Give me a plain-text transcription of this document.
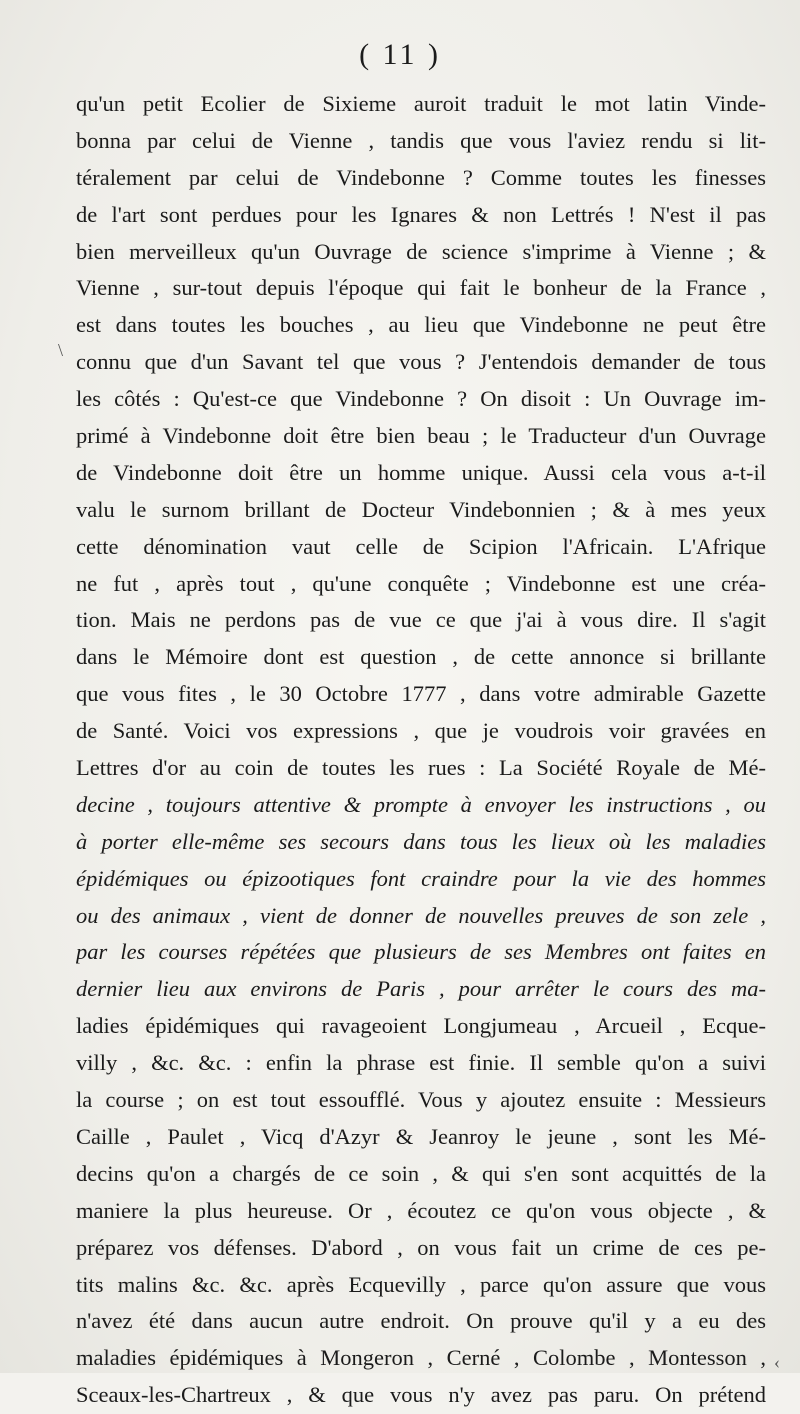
( 11 )
qu'un petit Ecolier de Sixieme auroit traduit le mot latin Vinde-
bonna par celui de Vienne , tandis que vous l'aviez rendu si lit-
téralement par celui de Vindebonne ? Comme toutes les finesses
de l'art sont perdues pour les Ignares & non Lettrés ! N'est il pas
bien merveilleux qu'un Ouvrage de science s'imprime à Vienne ; &
Vienne , sur-tout depuis l'époque qui fait le bonheur de la France ,
est dans toutes les bouches , au lieu que Vindebonne ne peut être
connu que d'un Savant tel que vous ? J'entendois demander de tous
les côtés : Qu'est-ce que Vindebonne ? On disoit : Un Ouvrage im-
primé à Vindebonne doit être bien beau ; le Traducteur d'un Ouvrage
de Vindebonne doit être un homme unique. Aussi cela vous a-t-il
valu le surnom brillant de Docteur Vindebonnien ; & à mes yeux
cette dénomination vaut celle de Scipion l'Africain. L'Afrique
ne fut , après tout , qu'une conquête ; Vindebonne est une créa-
tion. Mais ne perdons pas de vue ce que j'ai à vous dire. Il s'agit
dans le Mémoire dont est question , de cette annonce si brillante
que vous fites , le 30 Octobre 1777 , dans votre admirable Gazette
de Santé. Voici vos expressions , que je voudrois voir gravées en
Lettres d'or au coin de toutes les rues : La Société Royale de Mé-
decine , toujours attentive & prompte à envoyer les instructions , ou
à porter elle-même ses secours dans tous les lieux où les maladies
épidémiques ou épizootiques font craindre pour la vie des hommes
ou des animaux , vient de donner de nouvelles preuves de son zele ,
par les courses répétées que plusieurs de ses Membres ont faites en
dernier lieu aux environs de Paris , pour arrêter le cours des ma-
ladies épidémiques qui ravageoient Longjumeau , Arcueil , Ecque-
villy , &c. &c. : enfin la phrase est finie. Il semble qu'on a suivi
la course ; on est tout essoufflé. Vous y ajoutez ensuite : Messieurs
Caille , Paulet , Vicq d'Azyr & Jeanroy le jeune , sont les Mé-
decins qu'on a chargés de ce soin , & qui s'en sont acquittés de la
maniere la plus heureuse. Or , écoutez ce qu'on vous objecte , &
préparez vos défenses. D'abord , on vous fait un crime de ces pe-
tits malins &c. &c. après Ecquevilly , parce qu'on assure que vous
n'avez été dans aucun autre endroit. On prouve qu'il y a eu des
maladies épidémiques à Mongeron , Cerné , Colombe , Montesson ,
Sceaux-les-Chartreux , & que vous n'y avez pas paru. On prétend
\
‹
